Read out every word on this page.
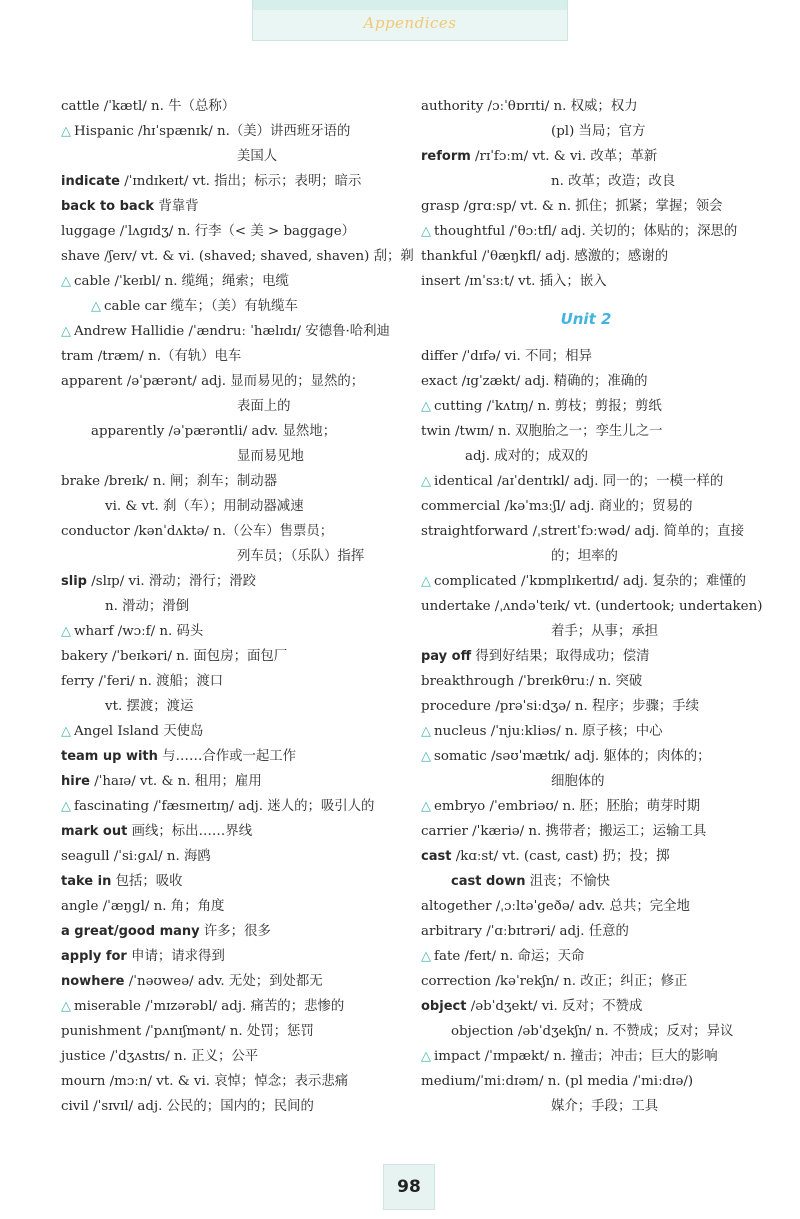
Appendices
cattle /ˈkætl/ n. 牛（总称）
△ Hispanic /hɪˈspænɪk/ n.（美）讲西班牙语的
美国人
indicate /ˈɪndɪkeɪt/ vt. 指出；标示；表明；暗示
back to back 背靠背
luggage /ˈlʌgɪdʒ/ n. 行李（< 美 > baggage）
shave /ʃeɪv/ vt. & vi. (shaved; shaved, shaven) 刮；剃
△ cable /ˈkeɪbl/ n. 缆绳；绳索；电缆
△ cable car 缆车；（美）有轨缆车
△ Andrew Hallidie /ˈændruː ˈhælɪdɪ/ 安德鲁·哈利迪
tram /træm/ n.（有轨）电车
apparent /əˈpærənt/ adj. 显而易见的；显然的；
表面上的
apparently /əˈpærəntli/ adv. 显然地；
显而易见地
brake /breɪk/ n. 闸；刹车；制动器
vi. & vt. 刹（车）；用制动器减速
conductor /kənˈdʌktə/ n.（公车）售票员；
列车员；（乐队）指挥
slip /slɪp/ vi. 滑动；滑行；滑跤
n. 滑动；滑倒
△ wharf /wɔːf/ n. 码头
bakery /ˈbeɪkəri/ n. 面包房；面包厂
ferry /ˈferi/ n. 渡船；渡口
vt. 摆渡；渡运
△ Angel Island 天使岛
team up with 与……合作或一起工作
hire /ˈhaɪə/ vt. & n. 租用；雇用
△ fascinating /ˈfæsɪneɪtɪŋ/ adj. 迷人的；吸引人的
mark out 画线；标出……界线
seagull /ˈsiːgʌl/ n. 海鸥
take in 包括；吸收
angle /ˈæŋgl/ n. 角；角度
a great/good many 许多；很多
apply for 申请；请求得到
nowhere /ˈnəʊweə/ adv. 无处；到处都无
△ miserable /ˈmɪzərəbl/ adj. 痛苦的；悲惨的
punishment /ˈpʌnɪʃmənt/ n. 处罚；惩罚
justice /ˈdʒʌstɪs/ n. 正义；公平
mourn /mɔːn/ vt. & vi. 哀悼；悼念；表示悲痛
civil /ˈsɪvɪl/ adj. 公民的；国内的；民间的
authority /ɔːˈθɒrɪti/ n. 权威；权力
(pl) 当局；官方
reform /rɪˈfɔːm/ vt. & vi. 改革；革新
n. 改革；改造；改良
grasp /grɑːsp/ vt. & n. 抓住；抓紧；掌握；领会
△ thoughtful /ˈθɔːtfl/ adj. 关切的；体贴的；深思的
thankful /ˈθæŋkfl/ adj. 感激的；感谢的
insert /ɪnˈsɜːt/ vt. 插入；嵌入
Unit 2
differ /ˈdɪfə/ vi. 不同；相异
exact /ɪgˈzækt/ adj. 精确的；准确的
△ cutting /ˈkʌtɪŋ/ n. 剪枝；剪报；剪纸
twin /twɪn/ n. 双胞胎之一；孪生儿之一
adj. 成对的；成双的
△ identical /aɪˈdentɪkl/ adj. 同一的；一模一样的
commercial /kəˈmɜːʃl/ adj. 商业的；贸易的
straightforward /ˌstreɪtˈfɔːwəd/ adj. 简单的；直接
的；坦率的
△ complicated /ˈkɒmplɪkeɪtɪd/ adj. 复杂的；难懂的
undertake /ˌʌndəˈteɪk/ vt. (undertook; undertaken)
着手；从事；承担
pay off 得到好结果；取得成功；偿清
breakthrough /ˈbreɪkθruː/ n. 突破
procedure /prəˈsiːdʒə/ n. 程序；步骤；手续
△ nucleus /ˈnjuːkliəs/ n. 原子核；中心
△ somatic /səʊˈmætɪk/ adj. 躯体的；肉体的；
细胞体的
△ embryo /ˈembriəʊ/ n. 胚；胚胎；萌芽时期
carrier /ˈkæriə/ n. 携带者；搬运工；运输工具
cast /kɑːst/ vt. (cast, cast) 扔；投；掷
cast down 沮丧；不愉快
altogether /ˌɔːltəˈgeðə/ adv. 总共；完全地
arbitrary /ˈɑːbɪtrəri/ adj. 任意的
△ fate /feɪt/ n. 命运；天命
correction /kəˈrekʃn/ n. 改正；纠正；修正
object /əbˈdʒekt/ vi. 反对；不赞成
objection /əbˈdʒekʃn/ n. 不赞成；反对；异议
△ impact /ˈɪmpækt/ n. 撞击；冲击；巨大的影响
medium/ˈmiːdɪəm/ n. (pl media /ˈmiːdɪə/)
媒介；手段；工具
98
